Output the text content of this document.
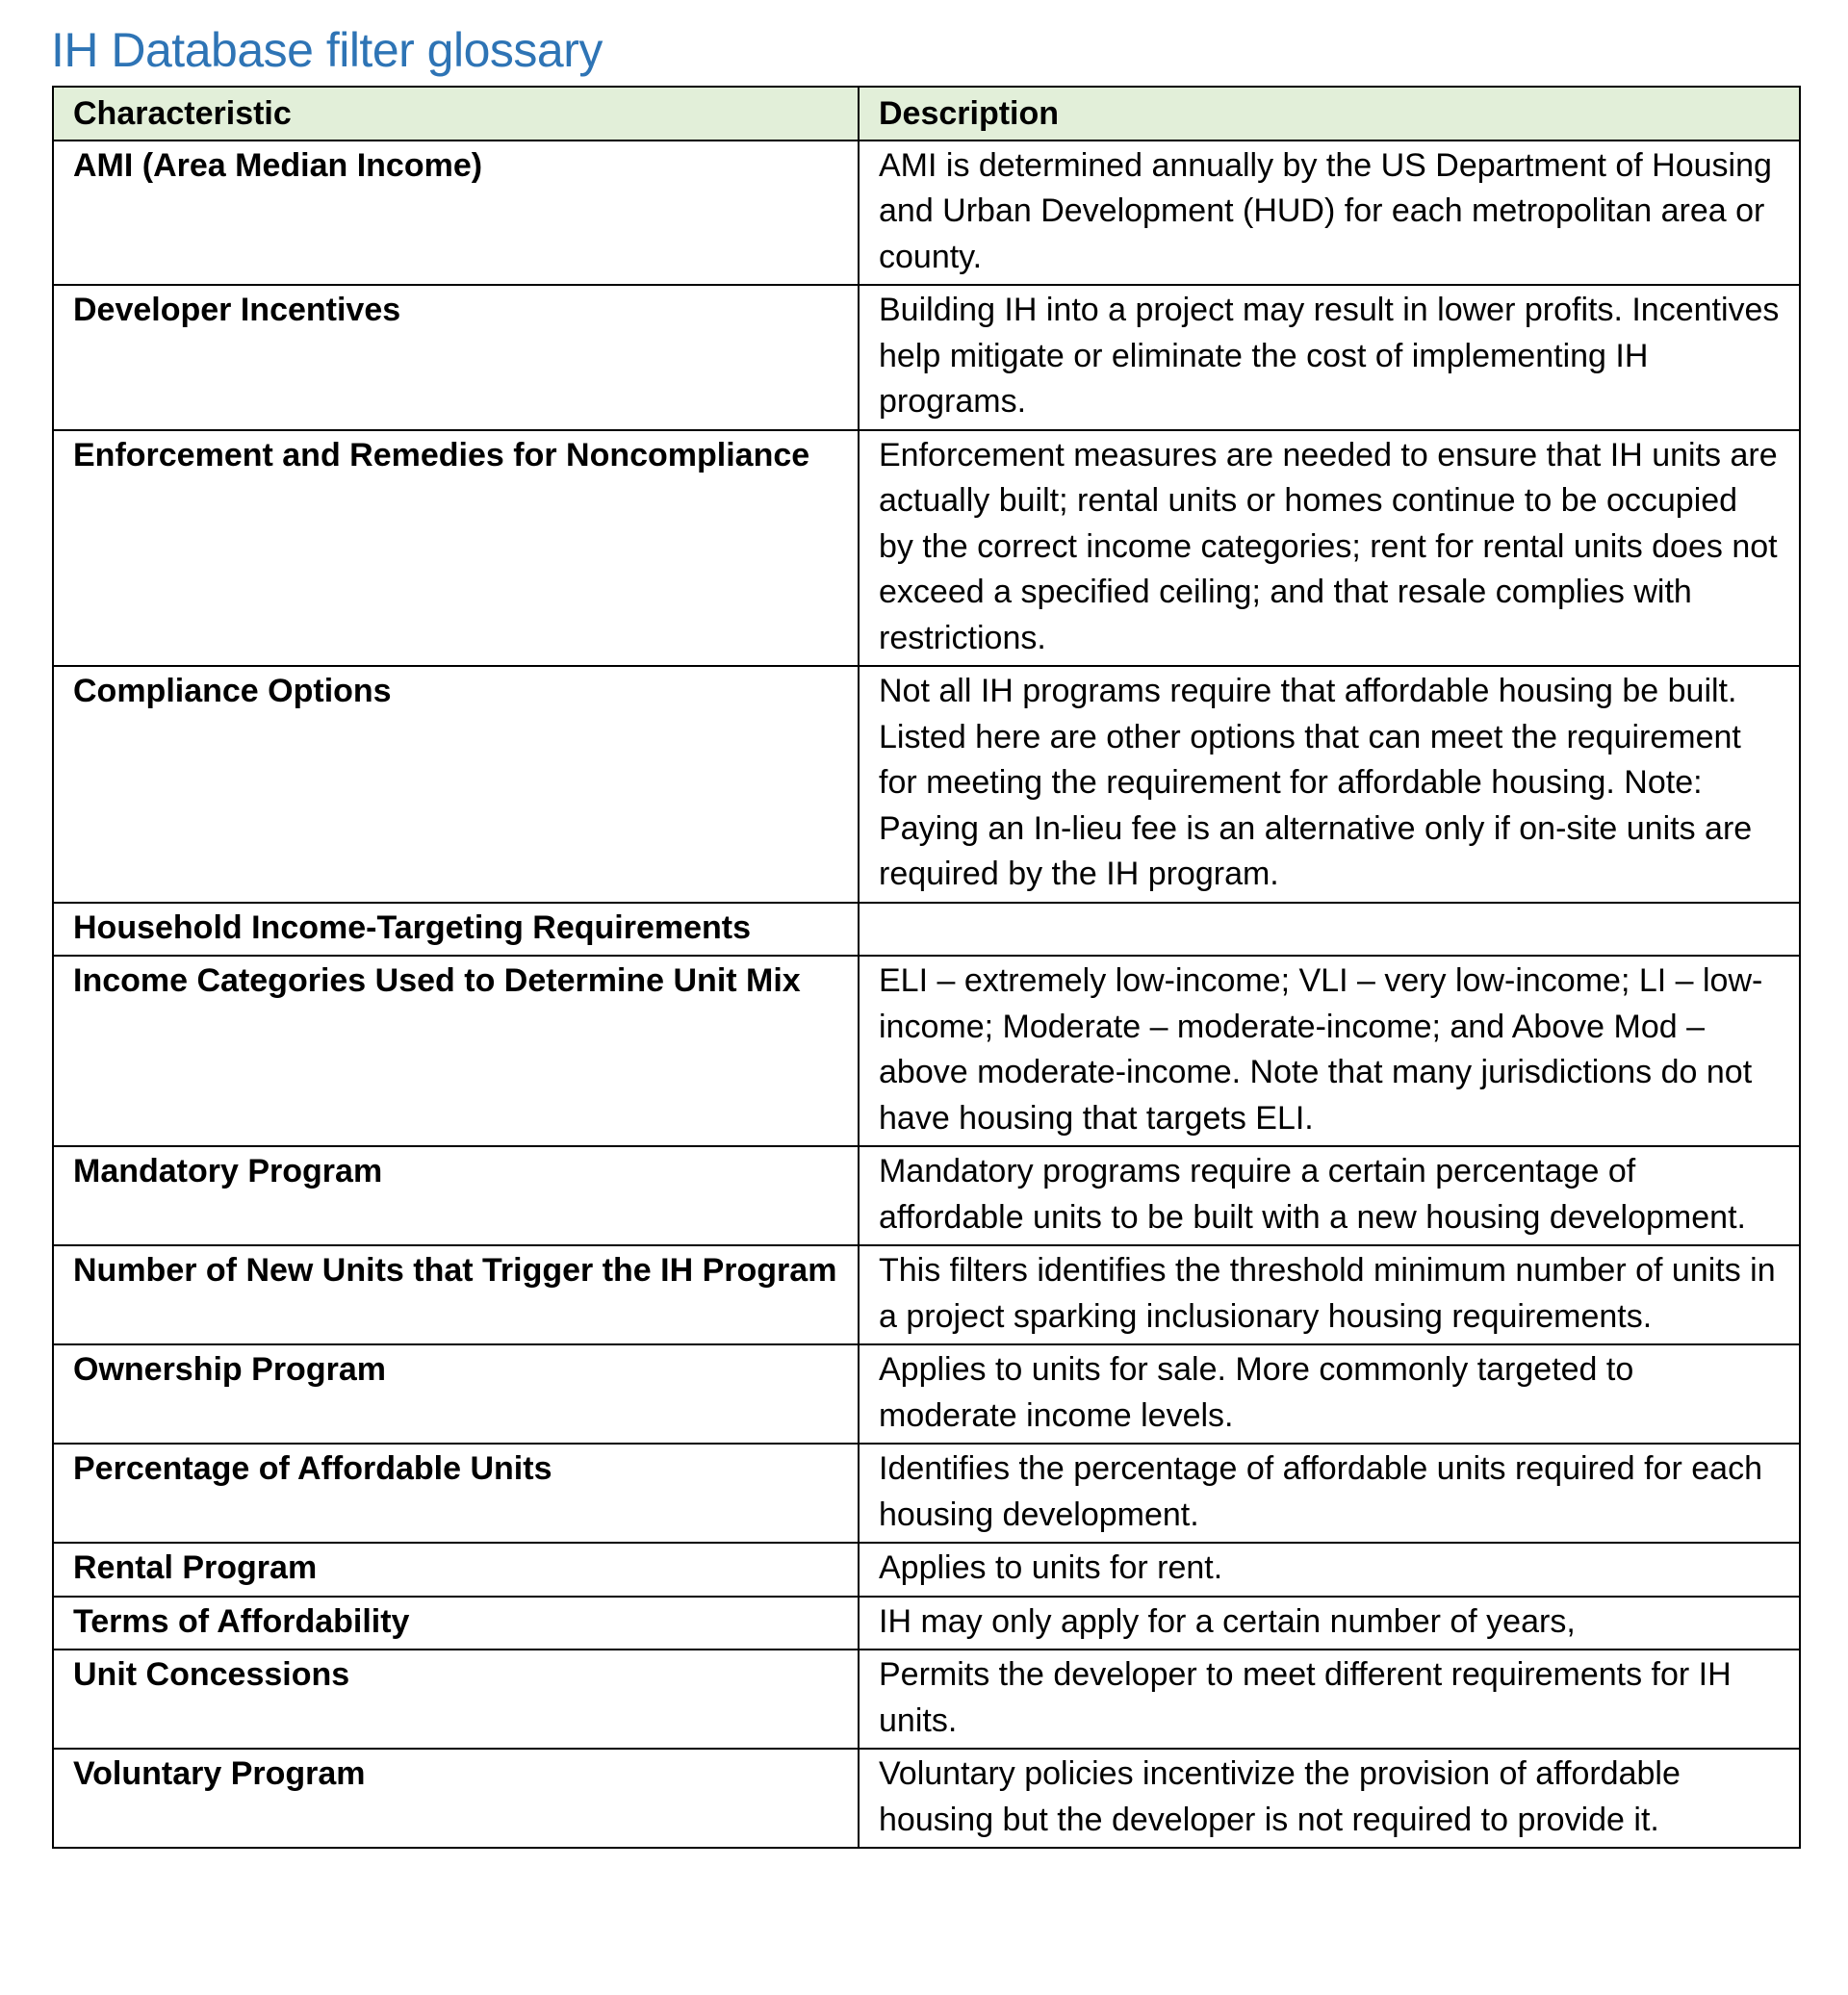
IH Database filter glossary
Characteristic	Description
AMI (Area Median Income)	AMI is determined annually by the US Department of Housing and Urban Development (HUD) for each metropolitan area or county.
Developer Incentives	Building IH into a project may result in lower profits. Incentives help mitigate or eliminate the cost of implementing IH programs.
Enforcement and Remedies for Noncompliance	Enforcement measures are needed to ensure that IH units are actually built; rental units or homes continue to be occupied by the correct income categories; rent for rental units does not exceed a specified ceiling; and that resale complies with restrictions.
Compliance Options	Not all IH programs require that affordable housing be built. Listed here are other options that can meet the requirement for meeting the requirement for affordable housing. Note: Paying an In-lieu fee is an alternative only if on-site units are required by the IH program.
Household Income-Targeting Requirements	
Income Categories Used to Determine Unit Mix	ELI – extremely low-income; VLI – very low-income; LI – low-income; Moderate – moderate-income; and Above Mod – above moderate-income. Note that many jurisdictions do not have housing that targets ELI.
Mandatory Program	Mandatory programs require a certain percentage of affordable units to be built with a new housing development.
Number of New Units that Trigger the IH Program	This filters identifies the threshold minimum number of units in a project sparking inclusionary housing requirements.
Ownership Program	Applies to units for sale. More commonly targeted to moderate income levels.
Percentage of Affordable Units	Identifies the percentage of affordable units required for each housing development.
Rental Program	Applies to units for rent.
Terms of Affordability	IH may only apply for a certain number of years,
Unit Concessions	Permits the developer to meet different requirements for IH units.
Voluntary Program	Voluntary policies incentivize the provision of affordable housing but the developer is not required to provide it.
